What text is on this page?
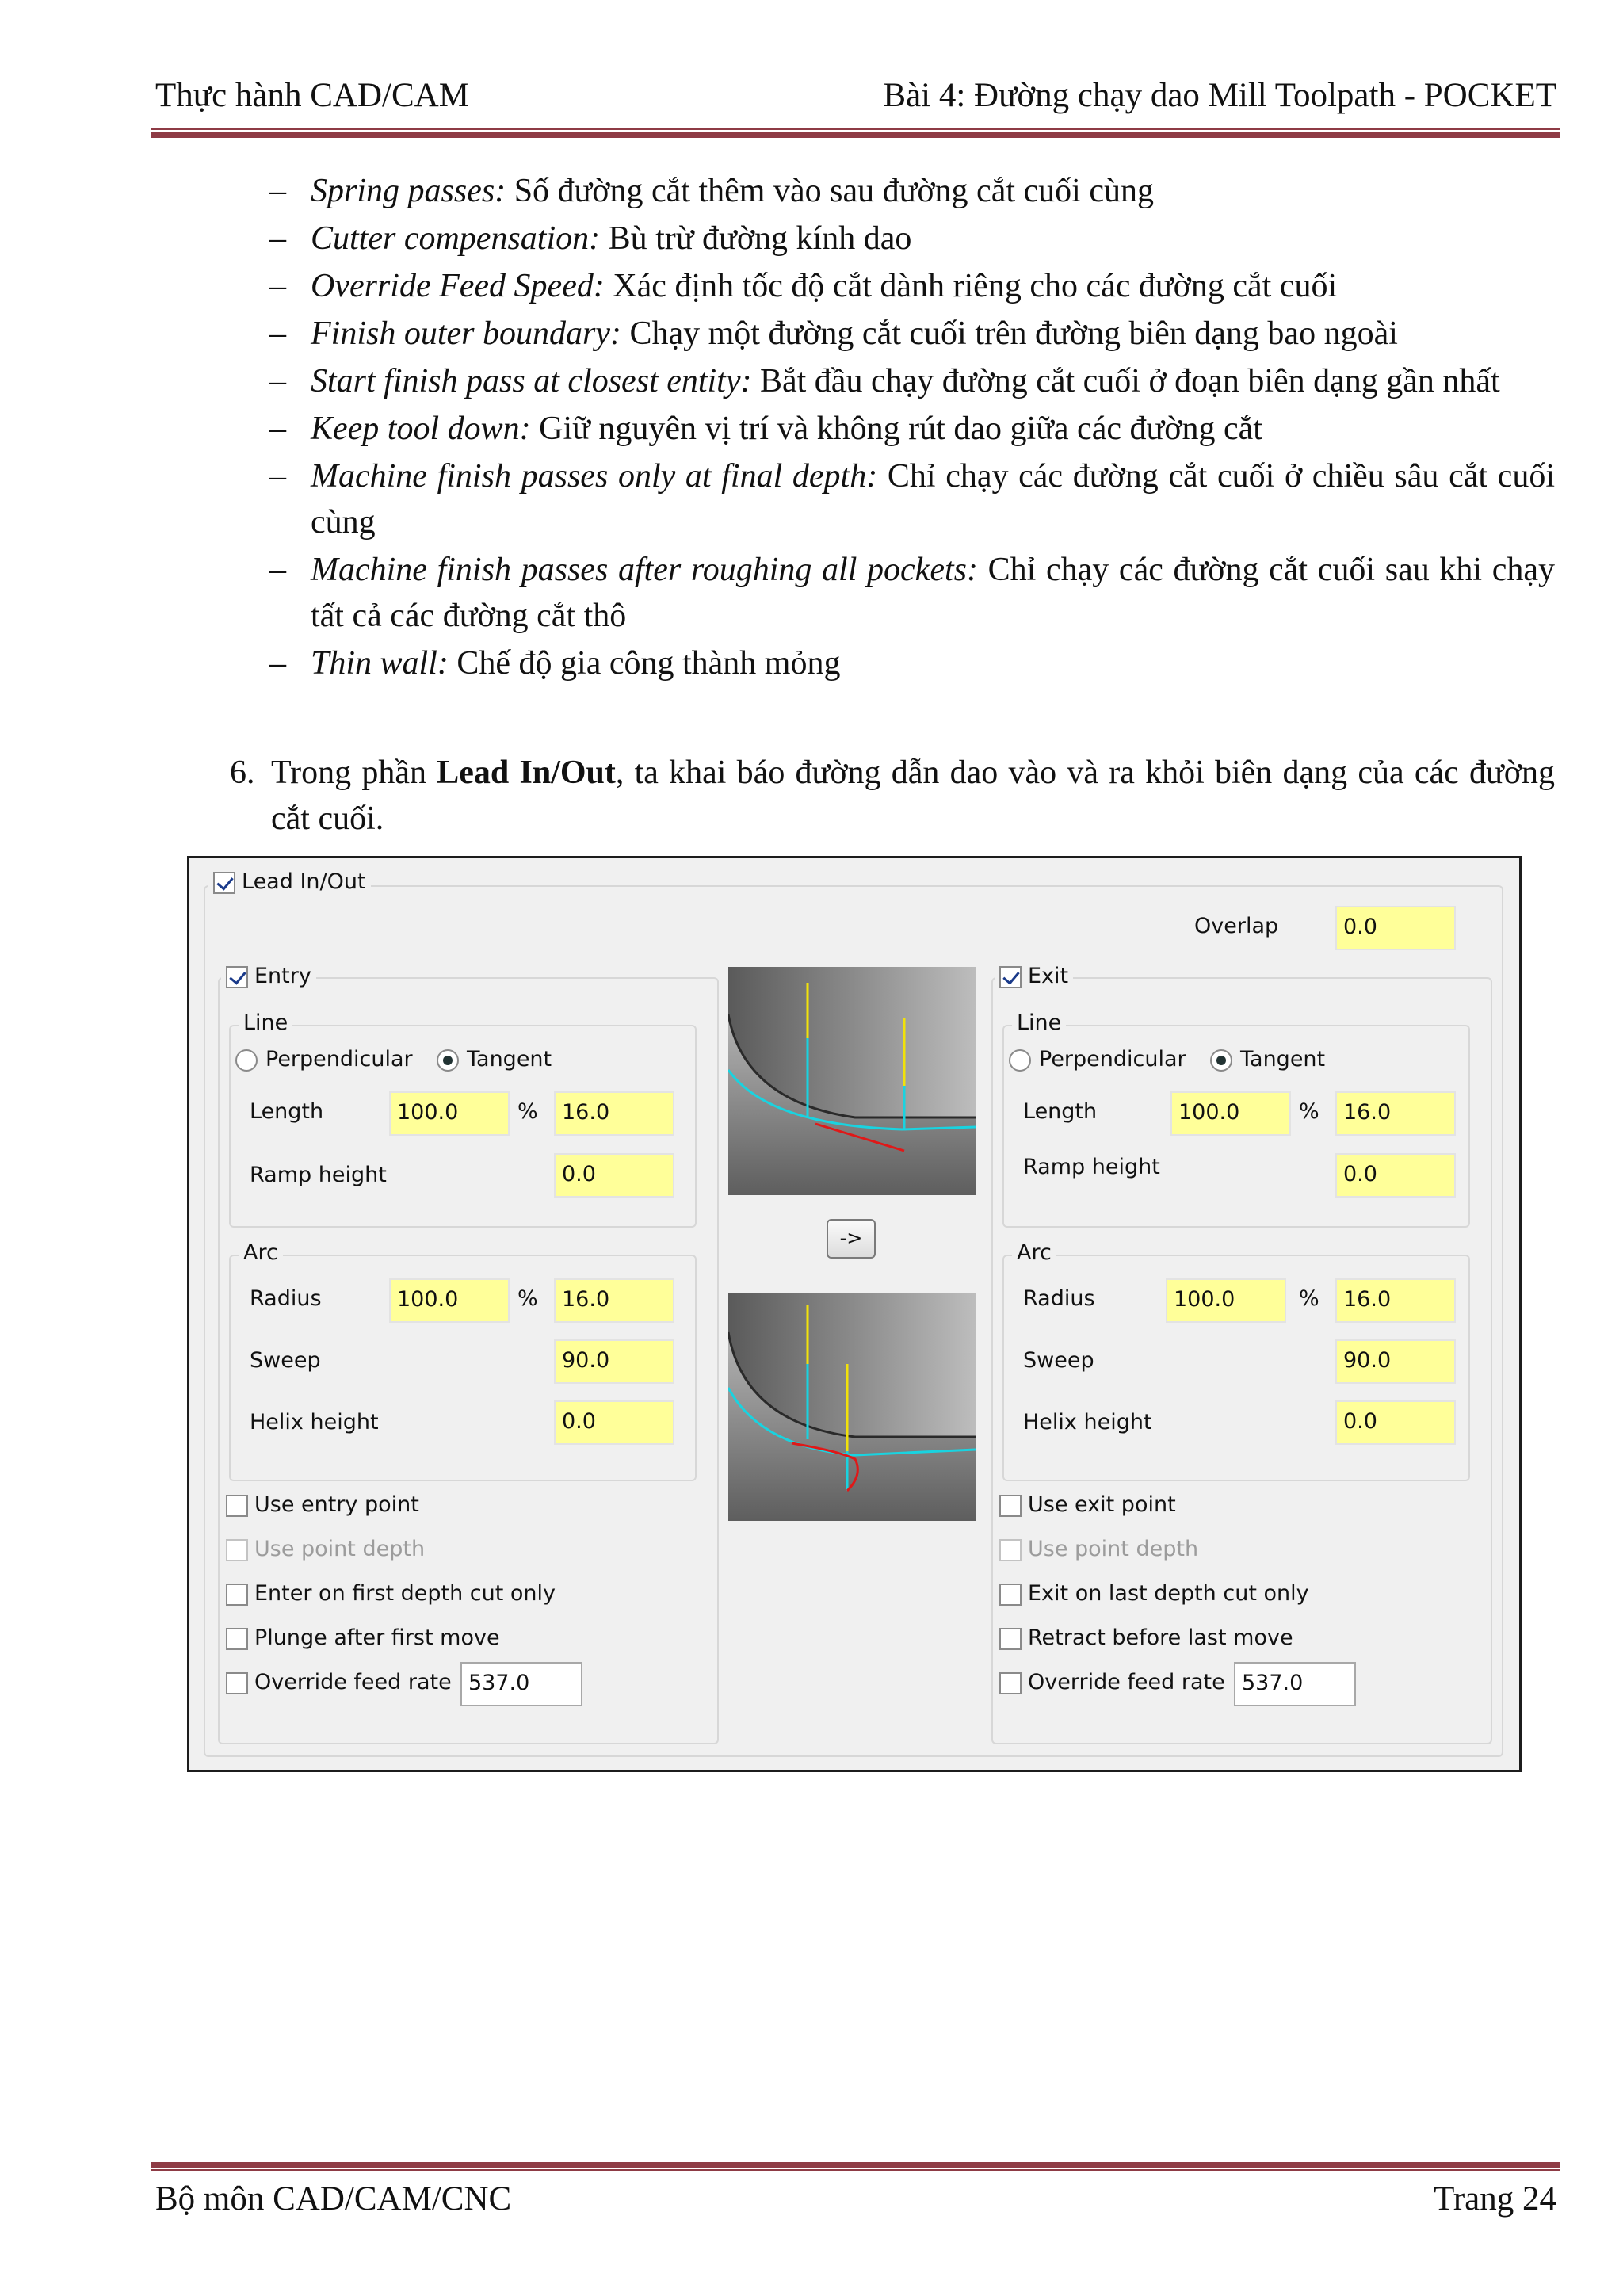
Thực hành CAD/CAM	Bài 4: Đường chạy dao Mill Toolpath - POCKET
– Spring passes: Số đường cắt thêm vào sau đường cắt cuối cùng
– Cutter compensation: Bù trừ đường kính dao
– Override Feed Speed: Xác định tốc độ cắt dành riêng cho các đường cắt cuối
– Finish outer boundary: Chạy một đường cắt cuối trên đường biên dạng bao ngoài
– Start finish pass at closest entity: Bắt đầu chạy đường cắt cuối ở đoạn biên dạng gần nhất
– Keep tool down: Giữ nguyên vị trí và không rút dao giữa các đường cắt
– Machine finish passes only at final depth: Chỉ chạy các đường cắt cuối ở chiều sâu cắt cuối cùng
– Machine finish passes after roughing all pockets: Chỉ chạy các đường cắt cuối sau khi chạy tất cả các đường cắt thô
– Thin wall: Chế độ gia công thành mỏng
6. Trong phần Lead In/Out, ta khai báo đường dẫn dao vào và ra khỏi biên dạng của các đường cắt cuối.
Lead In/Out
Overlap	0.0
Entry
Line
Perpendicular	Tangent
Length	100.0	%	16.0
Ramp height	0.0
Arc
Radius	100.0	%	16.0
Sweep	90.0
Helix height	0.0
Use entry point
Use point depth
Enter on first depth cut only
Plunge after first move
Override feed rate 537.0
->
Exit
Line
Perpendicular	Tangent
Length	100.0	%	16.0
Ramp height	0.0
Arc
Radius	100.0	%	16.0
Sweep	90.0
Helix height	0.0
Use exit point
Use point depth
Exit on last depth cut only
Retract before last move
Override feed rate 537.0
Bộ môn CAD/CAM/CNC	Trang 24
